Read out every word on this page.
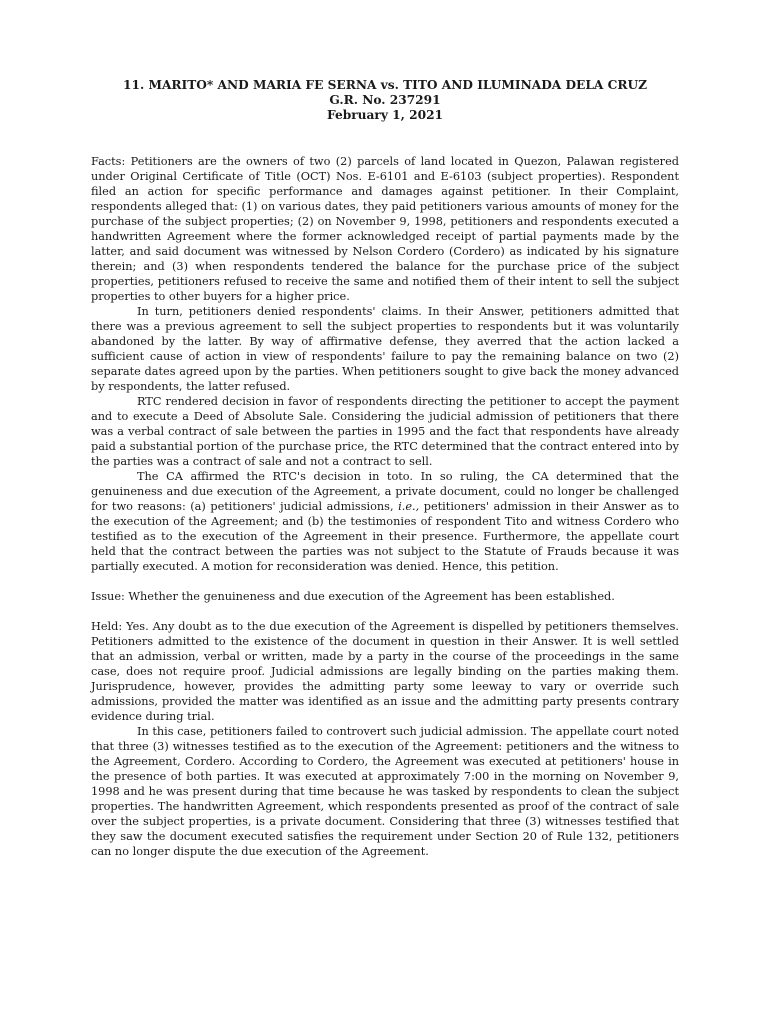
11. MARITO* AND MARIA FE SERNA vs. TITO AND ILUMINADA DELA CRUZ
G.R. No. 237291
February 1, 2021

Facts: Petitioners are the owners of two (2) parcels of land located in Quezon, Palawan registered under Original Certificate of Title (OCT) Nos. E-6101 and E-6103 (subject properties). Respondent filed an action for specific performance and damages against petitioner. In their Complaint, respondents alleged that: (1) on various dates, they paid petitioners various amounts of money for the purchase of the subject properties; (2) on November 9, 1998, petitioners and respondents executed a handwritten Agreement where the former acknowledged receipt of partial payments made by the latter, and said document was witnessed by Nelson Cordero (Cordero) as indicated by his signature therein; and (3) when respondents tendered the balance for the purchase price of the subject properties, petitioners refused to receive the same and notified them of their intent to sell the subject properties to other buyers for a higher price.

In turn, petitioners denied respondents' claims. In their Answer, petitioners admitted that there was a previous agreement to sell the subject properties to respondents but it was voluntarily abandoned by the latter. By way of affirmative defense, they averred that the action lacked a sufficient cause of action in view of respondents' failure to pay the remaining balance on two (2) separate dates agreed upon by the parties. When petitioners sought to give back the money advanced by respondents, the latter refused.

RTC rendered decision in favor of respondents directing the petitioner to accept the payment and to execute a Deed of Absolute Sale. Considering the judicial admission of petitioners that there was a verbal contract of sale between the parties in 1995 and the fact that respondents have already paid a substantial portion of the purchase price, the RTC determined that the contract entered into by the parties was a contract of sale and not a contract to sell.

The CA affirmed the RTC's decision in toto. In so ruling, the CA determined that the genuineness and due execution of the Agreement, a private document, could no longer be challenged for two reasons: (a) petitioners' judicial admissions, i.e., petitioners' admission in their Answer as to the execution of the Agreement; and (b) the testimonies of respondent Tito and witness Cordero who testified as to the execution of the Agreement in their presence. Furthermore, the appellate court held that the contract between the parties was not subject to the Statute of Frauds because it was partially executed. A motion for reconsideration was denied. Hence, this petition.

Issue: Whether the genuineness and due execution of the Agreement has been established.

Held: Yes. Any doubt as to the due execution of the Agreement is dispelled by petitioners themselves. Petitioners admitted to the existence of the document in question in their Answer. It is well settled that an admission, verbal or written, made by a party in the course of the proceedings in the same case, does not require proof. Judicial admissions are legally binding on the parties making them. Jurisprudence, however, provides the admitting party some leeway to vary or override such admissions, provided the matter was identified as an issue and the admitting party presents contrary evidence during trial.

In this case, petitioners failed to controvert such judicial admission. The appellate court noted that three (3) witnesses testified as to the execution of the Agreement: petitioners and the witness to the Agreement, Cordero. According to Cordero, the Agreement was executed at petitioners' house in the presence of both parties. It was executed at approximately 7:00 in the morning on November 9, 1998 and he was present during that time because he was tasked by respondents to clean the subject properties. The handwritten Agreement, which respondents presented as proof of the contract of sale over the subject properties, is a private document. Considering that three (3) witnesses testified that they saw the document executed satisfies the requirement under Section 20 of Rule 132, petitioners can no longer dispute the due execution of the Agreement.
